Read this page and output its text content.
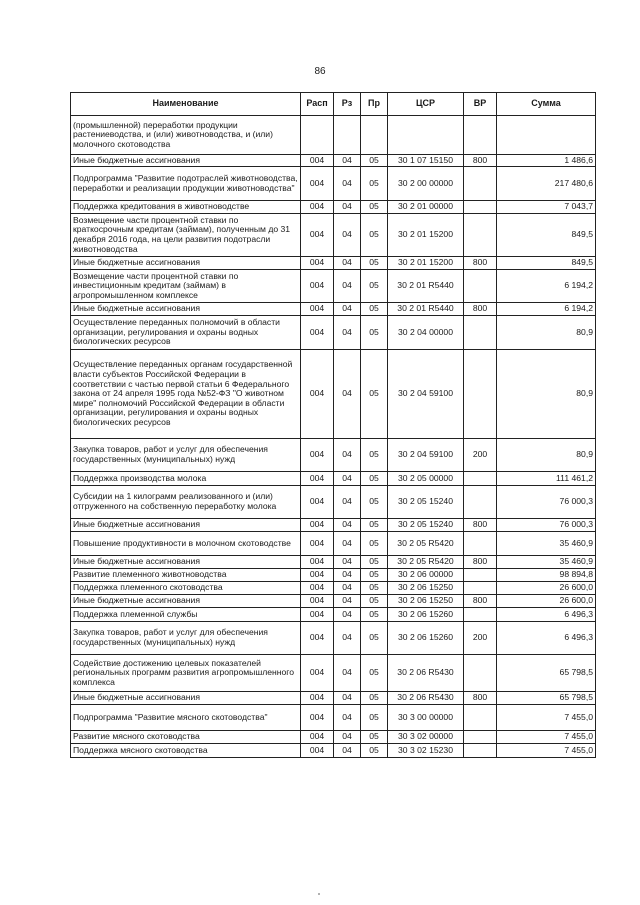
86
Наименование	Расп	Рз	Пр	ЦСР	ВР	Сумма
(промышленной) переработки продукции растениеводства, и (или) животноводства, и (или) молочного скотоводства						
Иные бюджетные ассигнования	004	04	05	30 1 07 15150	800	1 486,6
Подпрограмма "Развитие подотраслей животноводства, переработки и реализации продукции животноводства"	004	04	05	30 2 00 00000		217 480,6
Поддержка кредитования в животноводстве	004	04	05	30 2 01 00000		7 043,7
Возмещение части процентной ставки по краткосрочным кредитам (займам), полученным до 31 декабря 2016 года, на цели развития подотрасли животноводства	004	04	05	30 2 01 15200		849,5
Иные бюджетные ассигнования	004	04	05	30 2 01 15200	800	849,5
Возмещение части процентной ставки по инвестиционным кредитам (займам) в агропромышленном комплексе	004	04	05	30 2 01 R5440		6 194,2
Иные бюджетные ассигнования	004	04	05	30 2 01 R5440	800	6 194,2
Осуществление переданных полномочий в области организации, регулирования и охраны водных биологических ресурсов	004	04	05	30 2 04 00000		80,9
Осуществление переданных органам государственной власти субъектов Российской Федерации в соответствии с частью первой статьи 6 Федерального закона от 24 апреля 1995 года №52-ФЗ "О животном мире" полномочий Российской Федерации в области организации, регулирования и охраны водных биологических ресурсов	004	04	05	30 2 04 59100		80,9
Закупка товаров, работ и услуг для обеспечения государственных (муниципальных) нужд	004	04	05	30 2 04 59100	200	80,9
Поддержка производства молока	004	04	05	30 2 05 00000		111 461,2
Субсидии на 1 килограмм реализованного и (или) отгруженного на собственную переработку молока	004	04	05	30 2 05 15240		76 000,3
Иные бюджетные ассигнования	004	04	05	30 2 05 15240	800	76 000,3
Повышение продуктивности в молочном скотоводстве	004	04	05	30 2 05 R5420		35 460,9
Иные бюджетные ассигнования	004	04	05	30 2 05 R5420	800	35 460,9
Развитие племенного животноводства	004	04	05	30 2 06 00000		98 894,8
Поддержка племенного скотоводства	004	04	05	30 2 06 15250		26 600,0
Иные бюджетные ассигнования	004	04	05	30 2 06 15250	800	26 600,0
Поддержка племенной службы	004	04	05	30 2 06 15260		6 496,3
Закупка товаров, работ и услуг для обеспечения государственных (муниципальных) нужд	004	04	05	30 2 06 15260	200	6 496,3
Содействие достижению целевых показателей региональных программ развития агропромышленного комплекса	004	04	05	30 2 06 R5430		65 798,5
Иные бюджетные ассигнования	004	04	05	30 2 06 R5430	800	65 798,5
Подпрограмма "Развитие мясного скотоводства"	004	04	05	30 3 00 00000		7 455,0
Развитие мясного скотоводства	004	04	05	30 3 02 00000		7 455,0
Поддержка мясного скотоводства	004	04	05	30 3 02 15230		7 455,0
